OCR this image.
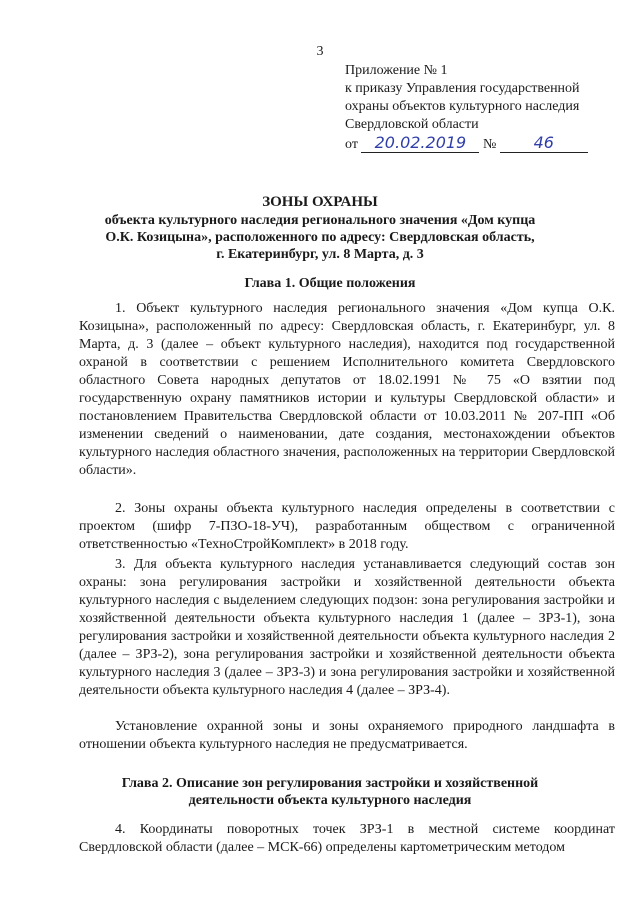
3
Приложение № 1
к приказу Управления государственной
охраны объектов культурного наследия
Свердловской области
от 20.02.2019 № 46
ЗОНЫ ОХРАНЫ
объекта культурного наследия регионального значения «Дом купца
О.К. Козицына», расположенного по адресу: Свердловская область,
г. Екатеринбург, ул. 8 Марта, д. 3
Глава 1. Общие положения
1. Объект культурного наследия регионального значения «Дом купца О.К. Козицына», расположенный по адресу: Свердловская область, г. Екатеринбург, ул. 8 Марта, д. 3 (далее – объект культурного наследия), находится под государственной охраной в соответствии с решением Исполнительного комитета Свердловского областного Совета народных депутатов от 18.02.1991 № 75 «О взятии под государственную охрану памятников истории и культуры Свердловской области» и постановлением Правительства Свердловской области от 10.03.2011 № 207-ПП «Об изменении сведений о наименовании, дате создания, местонахождении объектов культурного наследия областного значения, расположенных на территории Свердловской области».
2. Зоны охраны объекта культурного наследия определены в соответствии с проектом (шифр 7-ПЗО-18-УЧ), разработанным обществом с ограниченной ответственностью «ТехноСтройКомплект» в 2018 году.
3. Для объекта культурного наследия устанавливается следующий состав зон охраны: зона регулирования застройки и хозяйственной деятельности объекта культурного наследия с выделением следующих подзон: зона регулирования застройки и хозяйственной деятельности объекта культурного наследия 1 (далее – ЗРЗ-1), зона регулирования застройки и хозяйственной деятельности объекта культурного наследия 2 (далее – ЗРЗ-2), зона регулирования застройки и хозяйственной деятельности объекта культурного наследия 3 (далее – ЗРЗ-3) и зона регулирования застройки и хозяйственной деятельности объекта культурного наследия 4 (далее – ЗРЗ-4).
Установление охранной зоны и зоны охраняемого природного ландшафта в отношении объекта культурного наследия не предусматривается.
Глава 2. Описание зон регулирования застройки и хозяйственной
деятельности объекта культурного наследия
4. Координаты поворотных точек ЗРЗ-1 в местной системе координат Свердловской области (далее – МСК-66) определены картометрическим методом
